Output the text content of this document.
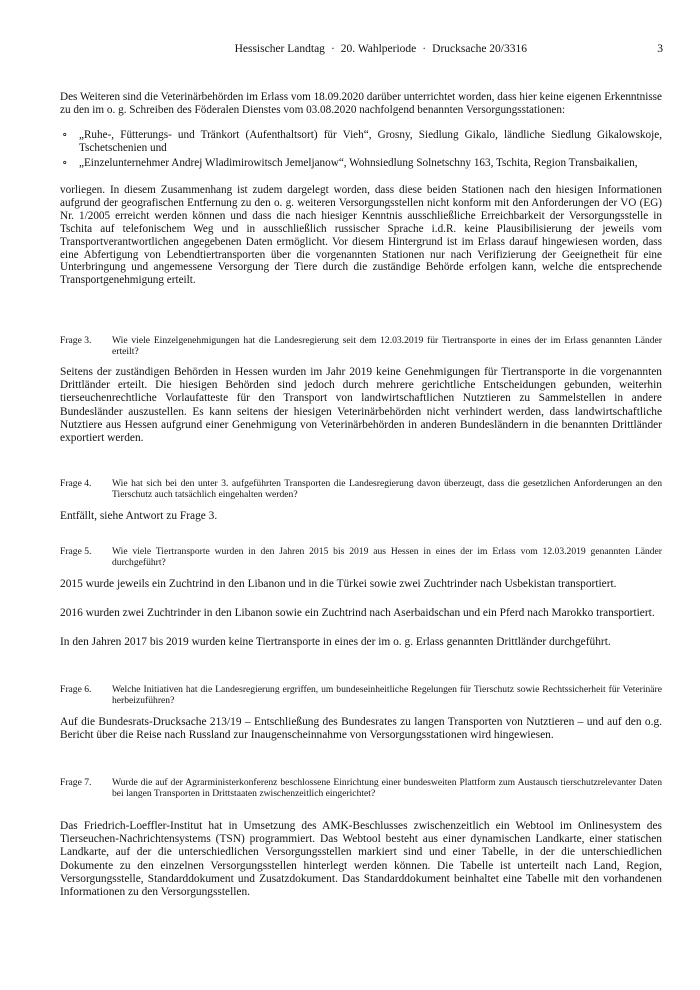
Hessischer Landtag · 20. Wahlperiode · Drucksache 20/3316	3

Des Weiteren sind die Veterinärbehörden im Erlass vom 18.09.2020 darüber unterrichtet worden, dass hier keine eigenen Erkenntnisse zu den im o. g. Schreiben des Föderalen Dienstes vom 03.08.2020 nachfolgend benannten Versorgungsstationen:

∘ „Ruhe-, Fütterungs- und Tränkort (Aufenthaltsort) für Vieh“, Grosny, Siedlung Gikalo, ländliche Siedlung Gikalowskoje, Tschetschenien und
∘ „Einzelunternehmer Andrej Wladimirowitsch Jemeljanow“, Wohnsiedlung Solnetschny 163, Tschita, Region Transbaikalien,

vorliegen. In diesem Zusammenhang ist zudem dargelegt worden, dass diese beiden Stationen nach den hiesigen Informationen aufgrund der geografischen Entfernung zu den o. g. weiteren Versorgungsstellen nicht konform mit den Anforderungen der VO (EG) Nr. 1/2005 erreicht werden können und dass die nach hiesiger Kenntnis ausschließliche Erreichbarkeit der Versorgungsstelle in Tschita auf telefonischem Weg und in ausschließlich russischer Sprache i.d.R. keine Plausibilisierung der jeweils vom Transportverantwortlichen angegebenen Daten ermöglicht. Vor diesem Hintergrund ist im Erlass darauf hingewiesen worden, dass eine Abfertigung von Lebendtiertransporten über die vorgenannten Stationen nur nach Verifizierung der Geeignetheit für eine Unterbringung und angemessene Versorgung der Tiere durch die zuständige Behörde erfolgen kann, welche die entsprechende Transportgenehmigung erteilt.

Frage 3. Wie viele Einzelgenehmigungen hat die Landesregierung seit dem 12.03.2019 für Tiertransporte in eines der im Erlass genannten Länder erteilt?

Seitens der zuständigen Behörden in Hessen wurden im Jahr 2019 keine Genehmigungen für Tiertransporte in die vorgenannten Drittländer erteilt. Die hiesigen Behörden sind jedoch durch mehrere gerichtliche Entscheidungen gebunden, weiterhin tierseuchenrechtliche Vorlaufatteste für den Transport von landwirtschaftlichen Nutztieren zu Sammelstellen in andere Bundesländer auszustellen. Es kann seitens der hiesigen Veterinärbehörden nicht verhindert werden, dass landwirtschaftliche Nutztiere aus Hessen aufgrund einer Genehmigung von Veterinärbehörden in anderen Bundesländern in die benannten Drittländer exportiert werden.

Frage 4. Wie hat sich bei den unter 3. aufgeführten Transporten die Landesregierung davon überzeugt, dass die gesetzlichen Anforderungen an den Tierschutz auch tatsächlich eingehalten werden?

Entfällt, siehe Antwort zu Frage 3.

Frage 5. Wie viele Tiertransporte wurden in den Jahren 2015 bis 2019 aus Hessen in eines der im Erlass vom 12.03.2019 genannten Länder durchgeführt?

2015 wurde jeweils ein Zuchtrind in den Libanon und in die Türkei sowie zwei Zuchtrinder nach Usbekistan transportiert.

2016 wurden zwei Zuchtrinder in den Libanon sowie ein Zuchtrind nach Aserbaidschan und ein Pferd nach Marokko transportiert.

In den Jahren 2017 bis 2019 wurden keine Tiertransporte in eines der im o. g. Erlass genannten Drittländer durchgeführt.

Frage 6. Welche Initiativen hat die Landesregierung ergriffen, um bundeseinheitliche Regelungen für Tierschutz sowie Rechtssicherheit für Veterinäre herbeizuführen?

Auf die Bundesrats-Drucksache 213/19 – Entschließung des Bundesrates zu langen Transporten von Nutztieren – und auf den o.g. Bericht über die Reise nach Russland zur Inaugenscheinnahme von Versorgungsstationen wird hingewiesen.

Frage 7. Wurde die auf der Agrarministerkonferenz beschlossene Einrichtung einer bundesweiten Plattform zum Austausch tierschutzrelevanter Daten bei langen Transporten in Drittstaaten zwischenzeitlich eingerichtet?

Das Friedrich-Loeffler-Institut hat in Umsetzung des AMK-Beschlusses zwischenzeitlich ein Webtool im Onlinesystem des Tierseuchen-Nachrichtensystems (TSN) programmiert. Das Webtool besteht aus einer dynamischen Landkarte, einer statischen Landkarte, auf der die unterschiedlichen Versorgungsstellen markiert sind und einer Tabelle, in der die unterschiedlichen Dokumente zu den einzelnen Versorgungsstellen hinterlegt werden können. Die Tabelle ist unterteilt nach Land, Region, Versorgungsstelle, Standarddokument und Zusatzdokument. Das Standarddokument beinhaltet eine Tabelle mit den vorhandenen Informationen zu den Versorgungsstellen.
